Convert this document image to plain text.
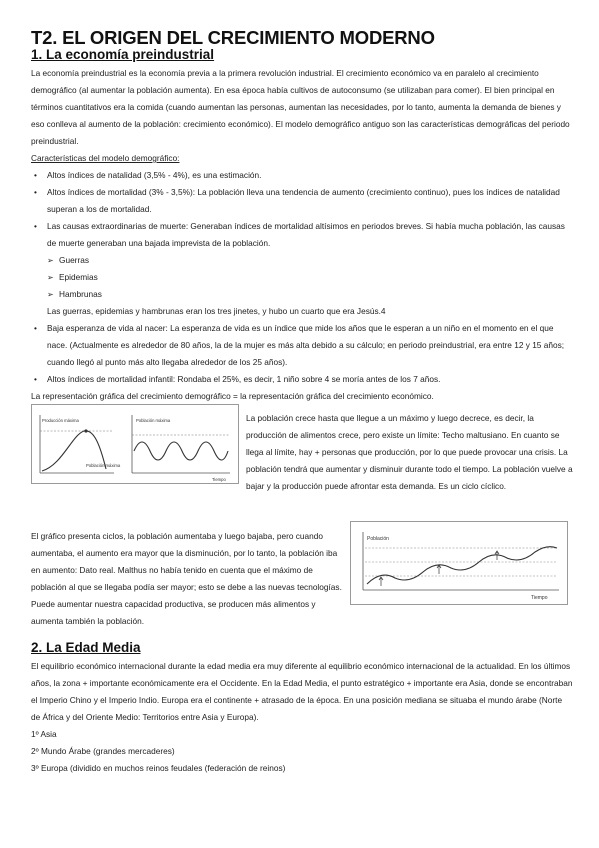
T2. EL ORIGEN DEL CRECIMIENTO MODERNO
1. La economía preindustrial

La economía preindustrial es la economía previa a la primera revolución industrial. El crecimiento económico va en paralelo al crecimiento demográfico (al aumentar la población aumenta). En esa época había cultivos de autoconsumo (se utilizaban para comer). El bien principal en términos cuantitativos era la comida (cuando aumentan las personas, aumentan las necesidades, por lo tanto, aumenta la demanda de bienes y eso conlleva al aumento de la población: crecimiento económico). El modelo demográfico antiguo son las características demográficas del periodo preindustrial.

Características del modelo demográfico:

• Altos índices de natalidad (3,5% - 4%), es una estimación.
• Altos índices de mortalidad (3% - 3,5%): La población lleva una tendencia de aumento (crecimiento continuo), pues los índices de natalidad superan a los de mortalidad.
• Las causas extraordinarias de muerte: Generaban índices de mortalidad altísimos en periodos breves. Si había mucha población, las causas de muerte generaban una bajada imprevista de la población.
➢ Guerras
➢ Epidemias
➢ Hambrunas

Las guerras, epidemias y hambrunas eran los tres jinetes, y hubo un cuarto que era Jesús.4

• Baja esperanza de vida al nacer: La esperanza de vida es un índice que mide los años que le esperan a un niño en el momento en el que nace. (Actualmente es alrededor de 80 años, la de la mujer es más alta debido a su cálculo; en periodo preindustrial, era entre 12 y 15 años; cuando llegó al punto más alto llegaba alrededor de los 25 años).
• Altos índices de mortalidad infantil: Rondaba el 25%, es decir, 1 niño sobre 4 se moría antes de los 7 años.

La representación gráfica del crecimiento demográfico = la representación gráfica del crecimiento económico.

Producción máxima
Población máxima
Población máxima
Tiempo

La población crece hasta que llegue a un máximo y luego decrece, es decir, la producción de alimentos crece, pero existe un límite: Techo maltusiano. En cuanto se llega al límite, hay + personas que producción, por lo que puede provocar una crisis. La población tendrá que aumentar y disminuir durante todo el tiempo. La población vuelve a bajar y la producción puede afrontar esta demanda. Es un ciclo cíclico.

Población
Tiempo

El gráfico presenta ciclos, la población aumentaba y luego bajaba, pero cuando aumentaba, el aumento era mayor que la disminución, por lo tanto, la población iba en aumento: Dato real. Malthus no había tenido en cuenta que el máximo de población al que se llegaba podía ser mayor; esto se debe a las nuevas tecnologías. Puede aumentar nuestra capacidad productiva, se producen más alimentos y aumenta también la población.

2. La Edad Media

El equilibrio económico internacional durante la edad media era muy diferente al equilibrio económico internacional de la actualidad. En los últimos años, la zona + importante económicamente era el Occidente. En la Edad Media, el punto estratégico + importante era Asia, donde se encontraban el Imperio Chino y el Imperio Indio. Europa era el continente + atrasado de la época. En una posición mediana se situaba el mundo árabe (Norte de África y del Oriente Medio: Territorios entre Asia y Europa).

1º Asia

2º Mundo Árabe (grandes mercaderes)

3º Europa (dividido en muchos reinos feudales (federación de reinos)
